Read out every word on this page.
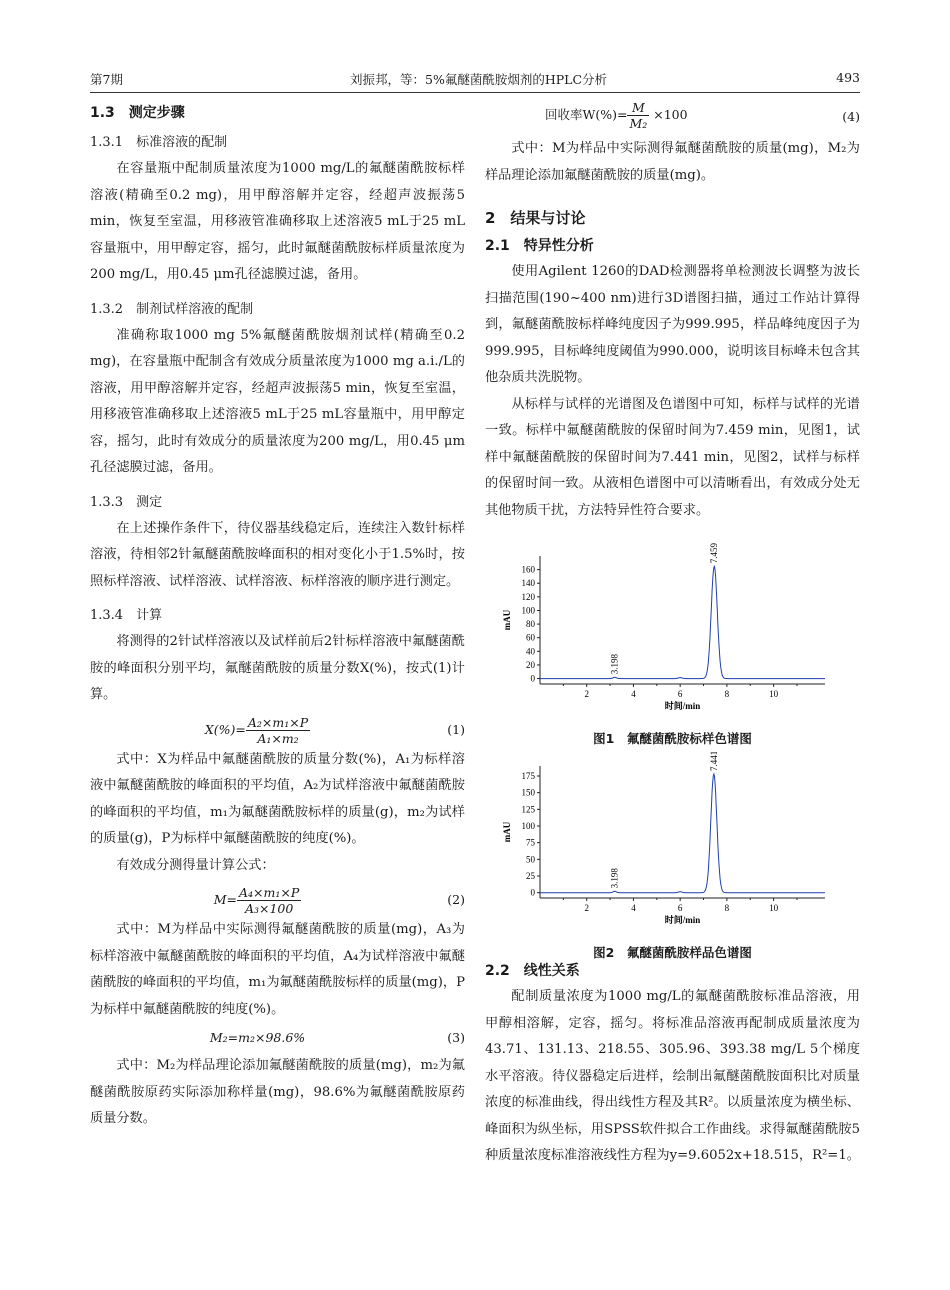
第7期	刘振邦，等：5%氟醚菌酰胺烟剂的HPLC分析	493
1.3　测定步骤
1.3.1　标准溶液的配制

在容量瓶中配制质量浓度为1000 mg/L的氟醚菌酰胺标样溶液(精确至0.2 mg)，用甲醇溶解并定容，经超声波振荡5 min，恢复至室温，用移液管准确移取上述溶液5 mL于25 mL容量瓶中，用甲醇定容，摇匀，此时氟醚菌酰胺标样质量浓度为200 mg/L，用0.45 μm孔径滤膜过滤，备用。

1.3.2　制剂试样溶液的配制

准确称取1000 mg 5%氟醚菌酰胺烟剂试样(精确至0.2 mg)，在容量瓶中配制含有效成分质量浓度为1000 mg a.i./L的溶液，用甲醇溶解并定容，经超声波振荡5 min，恢复至室温，用移液管准确移取上述溶液5 mL于25 mL容量瓶中，用甲醇定容，摇匀，此时有效成分的质量浓度为200 mg/L，用0.45 μm孔径滤膜过滤，备用。

1.3.3　测定

在上述操作条件下，待仪器基线稳定后，连续注入数针标样溶液，待相邻2针氟醚菌酰胺峰面积的相对变化小于1.5%时，按照标样溶液、试样溶液、试样溶液、标样溶液的顺序进行测定。

1.3.4　计算

将测得的2针试样溶液以及试样前后2针标样溶液中氟醚菌酰胺的峰面积分别平均，氟醚菌酰胺的质量分数X(%)，按式(1)计算。

$X(\%)= \frac{\text{A₂×m₁×P}}{\text{A₁×m₂}}$	(1)

式中：X为样品中氟醚菌酰胺的质量分数(%)，A₁为标样溶液中氟醚菌酰胺的峰面积的平均值，A₂为试样溶液中氟醚菌酰胺的峰面积的平均值，m₁为氟醚菌酰胺标样的质量(g)，m₂为试样的质量(g)，P为标样中氟醚菌酰胺的纯度(%)。

有效成分测得量计算公式：

$M= \frac{\text{A₄×m₁×P}}{\text{A₃×100}}$	(2)

式中：M为样品中实际测得氟醚菌酰胺的质量(mg)，A₃为标样溶液中氟醚菌酰胺的峰面积的平均值，A₄为试样溶液中氟醚菌酰胺的峰面积的平均值，m₁为氟醚菌酰胺标样的质量(mg)，P为标样中氟醚菌酰胺的纯度(%)。

M₂=m₂×98.6%	(3)

式中：M₂为样品理论添加氟醚菌酰胺的质量(mg)，m₂为氟醚菌酰胺原药实际添加称样量(mg)，98.6%为氟醚菌酰胺原药质量分数。

回收率$W(\%)= \frac{M}{\text{M₂}} \times 100$	(4)

式中：M为样品中实际测得氟醚菌酰胺的质量(mg)，M₂为样品理论添加氟醚菌酰胺的质量(mg)。

2　结果与讨论
2.1　特异性分析

使用Agilent 1260的DAD检测器将单检测波长调整为波长扫描范围(190~400 nm)进行3D谱图扫描，通过工作站计算得到，氟醚菌酰胺标样峰纯度因子为999.995，样品峰纯度因子为999.995，目标峰纯度阈值为990.000，说明该目标峰未包含其他杂质共洗脱物。

从标样与试样的光谱图及色谱图中可知，标样与试样的光谱一致。标样中氟醚菌酰胺的保留时间为7.459 min，见图1，试样中氟醚菌酰胺的保留时间为7.441 min，见图2，试样与标样的保留时间一致。从液相色谱图中可以清晰看出，有效成分处无其他物质干扰，方法特异性符合要求。

0
20
40
60
80
100
120
140
160
2	4	6	8	10
时间/min
mAU
3.198
7.459
图1　氟醚菌酰胺标样色谱图
0
25
50
75
100
125
150
175
2	4	6	8	10
时间/min
mAU
3.198
7.441
图2　氟醚菌酰胺样品色谱图
2.2　线性关系

配制质量浓度为1000 mg/L的氟醚菌酰胺标准品溶液，用甲醇相溶解，定容，摇匀。将标准品溶液再配制成质量浓度为43.71、131.13、218.55、305.96、393.38 mg/L 5个梯度水平溶液。待仪器稳定后进样，绘制出氟醚菌酰胺面积比对质量浓度的标准曲线，得出线性方程及其R²。以质量浓度为横坐标、峰面积为纵坐标，用SPSS软件拟合工作曲线。求得氟醚菌酰胺5种质量浓度标准溶液线性方程为y=9.6052x+18.515，R²=1。
